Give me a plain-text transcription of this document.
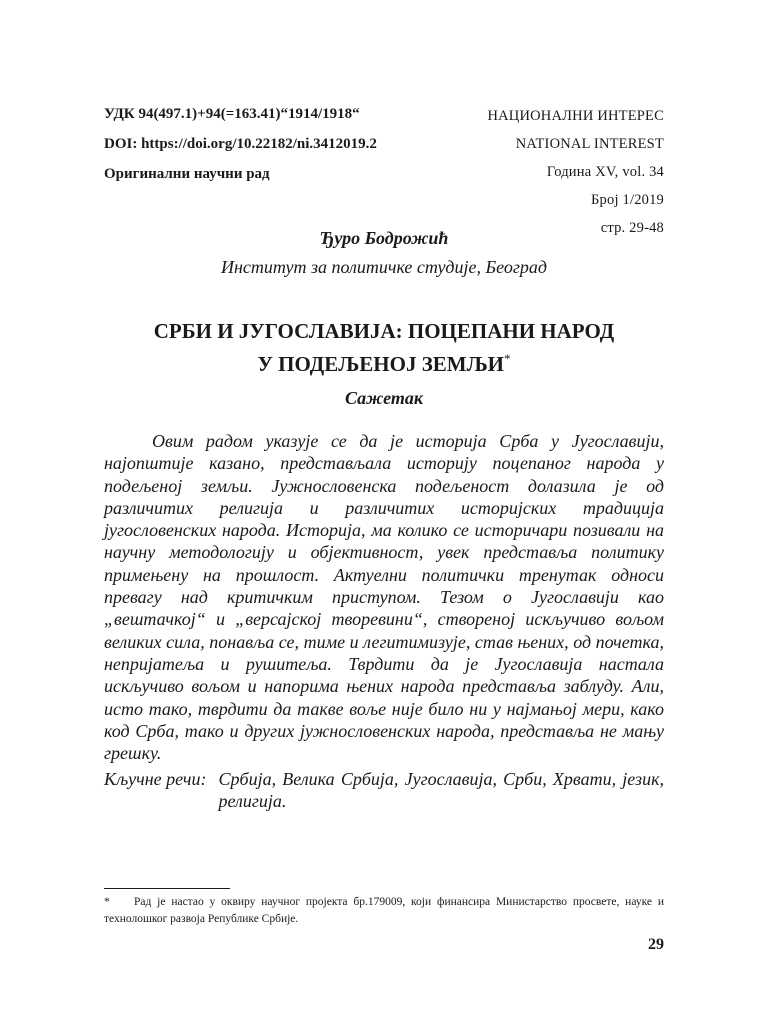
УДК 94(497.1)+94(=163.41)“1914/1918“
DOI: https://doi.org/10.22182/ni.3412019.2
Оригинални научни рад
НАЦИОНАЛНИ ИНТЕРЕС
NATIONAL INTEREST
Година XV, vol. 34
Број 1/2019
стр. 29-48
Ђуро Бодрожић
Институт за политичке студије, Београд
СРБИ И ЈУГОСЛАВИЈА: ПОЦЕПАНИ НАРОД
У ПОДЕЉЕНОЈ ЗЕМЉИ*
Сажетак

Овим радом указује се да је историја Срба у Југославији, најопштије казано, представљала историју поцепаног народа у подељеној земљи. Јужнословенска подељеност долазила је од различитих религија и различитих историјских традиција југословенских народа. Историја, ма колико се историчари позивали на научну методологију и објективност, увек представља политику примењену на прошлост. Актуелни политички тренутак односи превагу над критичким приступом. Тезом о Југославији као „вештачкој“ и „версајској творевини“, створеној искључиво вољом великих сила, понавља се, тиме и легитимизује, став њених, од почетка, непријатеља и рушитеља. Тврдити да је Југославија настала искључиво вољом и напорима њених народа представља заблуду. Али, исто тако, тврдити да такве воље није било ни у најмањој мери, како код Срба, тако и других јужнословенских народа, представља не мању грешку.

Кључне речи: Србија, Велика Србија, Југославија, Срби, Хрвати, језик, религија.
* Рад је настао у оквиру научног пројекта бр.179009, који финансира Министарство просвете, науке и технолошког развоја Републике Србије.
29
